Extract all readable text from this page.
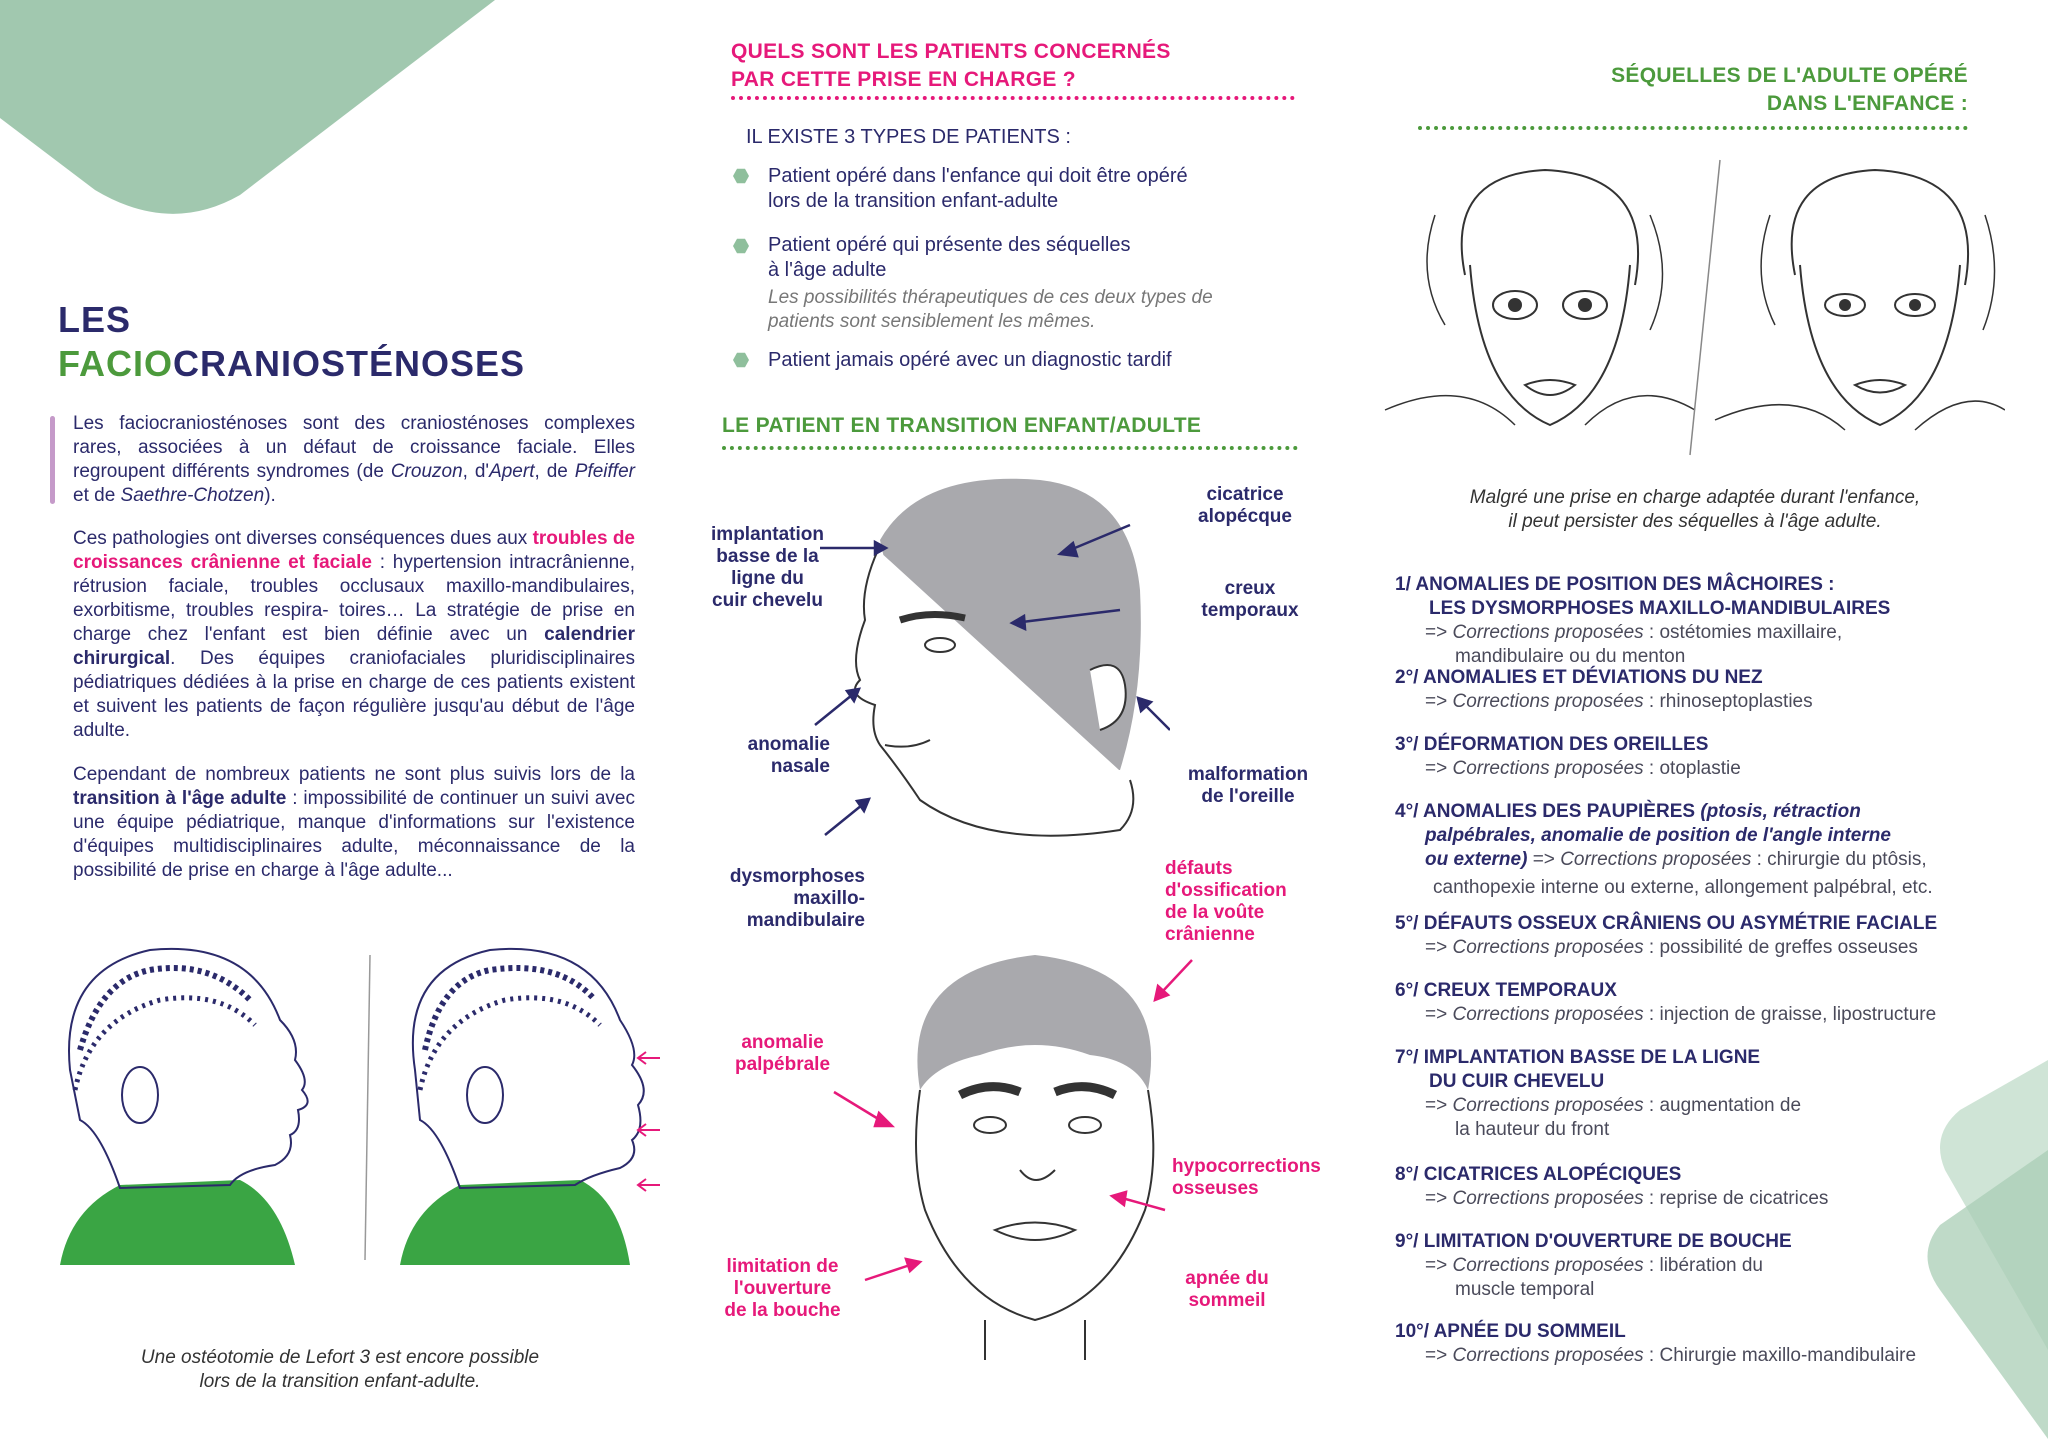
LES
FACIOCRANIOSTÉNOSES
Les faciocraniosténoses sont des craniosténoses complexes rares, associées à un défaut de croissance faciale. Elles regroupent différents syndromes (de Crouzon, d'Apert, de Pfeiffer et de Saethre-Chotzen).
Ces pathologies ont diverses conséquences dues aux troubles de croissances crânienne et faciale : hypertension intracrânienne, rétrusion faciale, troubles occlusaux maxillo-mandibulaires, exorbitisme, troubles respira- toires… La stratégie de prise en charge chez l'enfant est bien définie avec un calendrier chirurgical. Des équipes craniofaciales pluridisciplinaires pédiatriques dédiées à la prise en charge de ces patients existent et suivent les patients de façon régulière jusqu'au début de l'âge adulte.
Cependant de nombreux patients ne sont plus suivis lors de la transition à l'âge adulte : impossibilité de continuer un suivi avec une équipe pédiatrique, manque d'informations sur l'existence d'équipes multidisciplinaires adulte, méconnaissance de la possibilité de prise en charge à l'âge adulte...
Une ostéotomie de Lefort 3 est encore possible
lors de la transition enfant-adulte.
QUELS SONT LES PATIENTS CONCERNÉS
PAR CETTE PRISE EN CHARGE ?
IL EXISTE 3 TYPES DE PATIENTS :
Patient opéré dans l'enfance qui doit être opéré
lors de la transition enfant-adulte
Patient opéré qui présente des séquelles
à l'âge adulte
Les possibilités thérapeutiques de ces deux types de
patients sont sensiblement les mêmes.
Patient jamais opéré avec un diagnostic tardif
LE PATIENT EN TRANSITION ENFANT/ADULTE
implantation
basse de la
ligne du
cuir chevelu
cicatrice
alopécque
creux
temporaux
anomalie
nasale	malformation
de l'oreille
dysmorphoses
maxillo-
mandibulaire
défauts
d'ossification
de la voûte
crânienne
anomalie
palpébrale
hypocorrections
osseuses
limitation de
l'ouverture
de la bouche
apnée du
sommeil
SÉQUELLES DE L'ADULTE OPÉRÉ
DANS L'ENFANCE :
Malgré une prise en charge adaptée durant l'enfance,
il peut persister des séquelles à l'âge adulte.
1/ ANOMALIES DE POSITION DES MÂCHOIRES :
LES DYSMORPHOSES MAXILLO-MANDIBULAIRES
=> Corrections proposées : ostétomies maxillaire,
mandibulaire ou du menton
2°/ ANOMALIES ET DÉVIATIONS DU NEZ
=> Corrections proposées : rhinoseptoplasties
3°/ DÉFORMATION DES OREILLES
=> Corrections proposées : otoplastie
4°/ ANOMALIES DES PAUPIÈRES (ptosis, rétraction
palpébrales, anomalie de position de l'angle interne
ou externe) => Corrections proposées : chirurgie du ptôsis,
canthopexie interne ou externe, allongement palpébral, etc.
5°/ DÉFAUTS OSSEUX CRÂNIENS OU ASYMÉTRIE FACIALE
=> Corrections proposées : possibilité de greffes osseuses
6°/ CREUX TEMPORAUX
=> Corrections proposées : injection de graisse, lipostructure
7°/ IMPLANTATION BASSE DE LA LIGNE
DU CUIR CHEVELU
=> Corrections proposées : augmentation de
la hauteur du front
8°/ CICATRICES ALOPÉCIQUES
=> Corrections proposées : reprise de cicatrices
9°/ LIMITATION D'OUVERTURE DE BOUCHE
=> Corrections proposées : libération du
muscle temporal
10°/ APNÉE DU SOMMEIL
=> Corrections proposées : Chirurgie maxillo-mandibulaire
